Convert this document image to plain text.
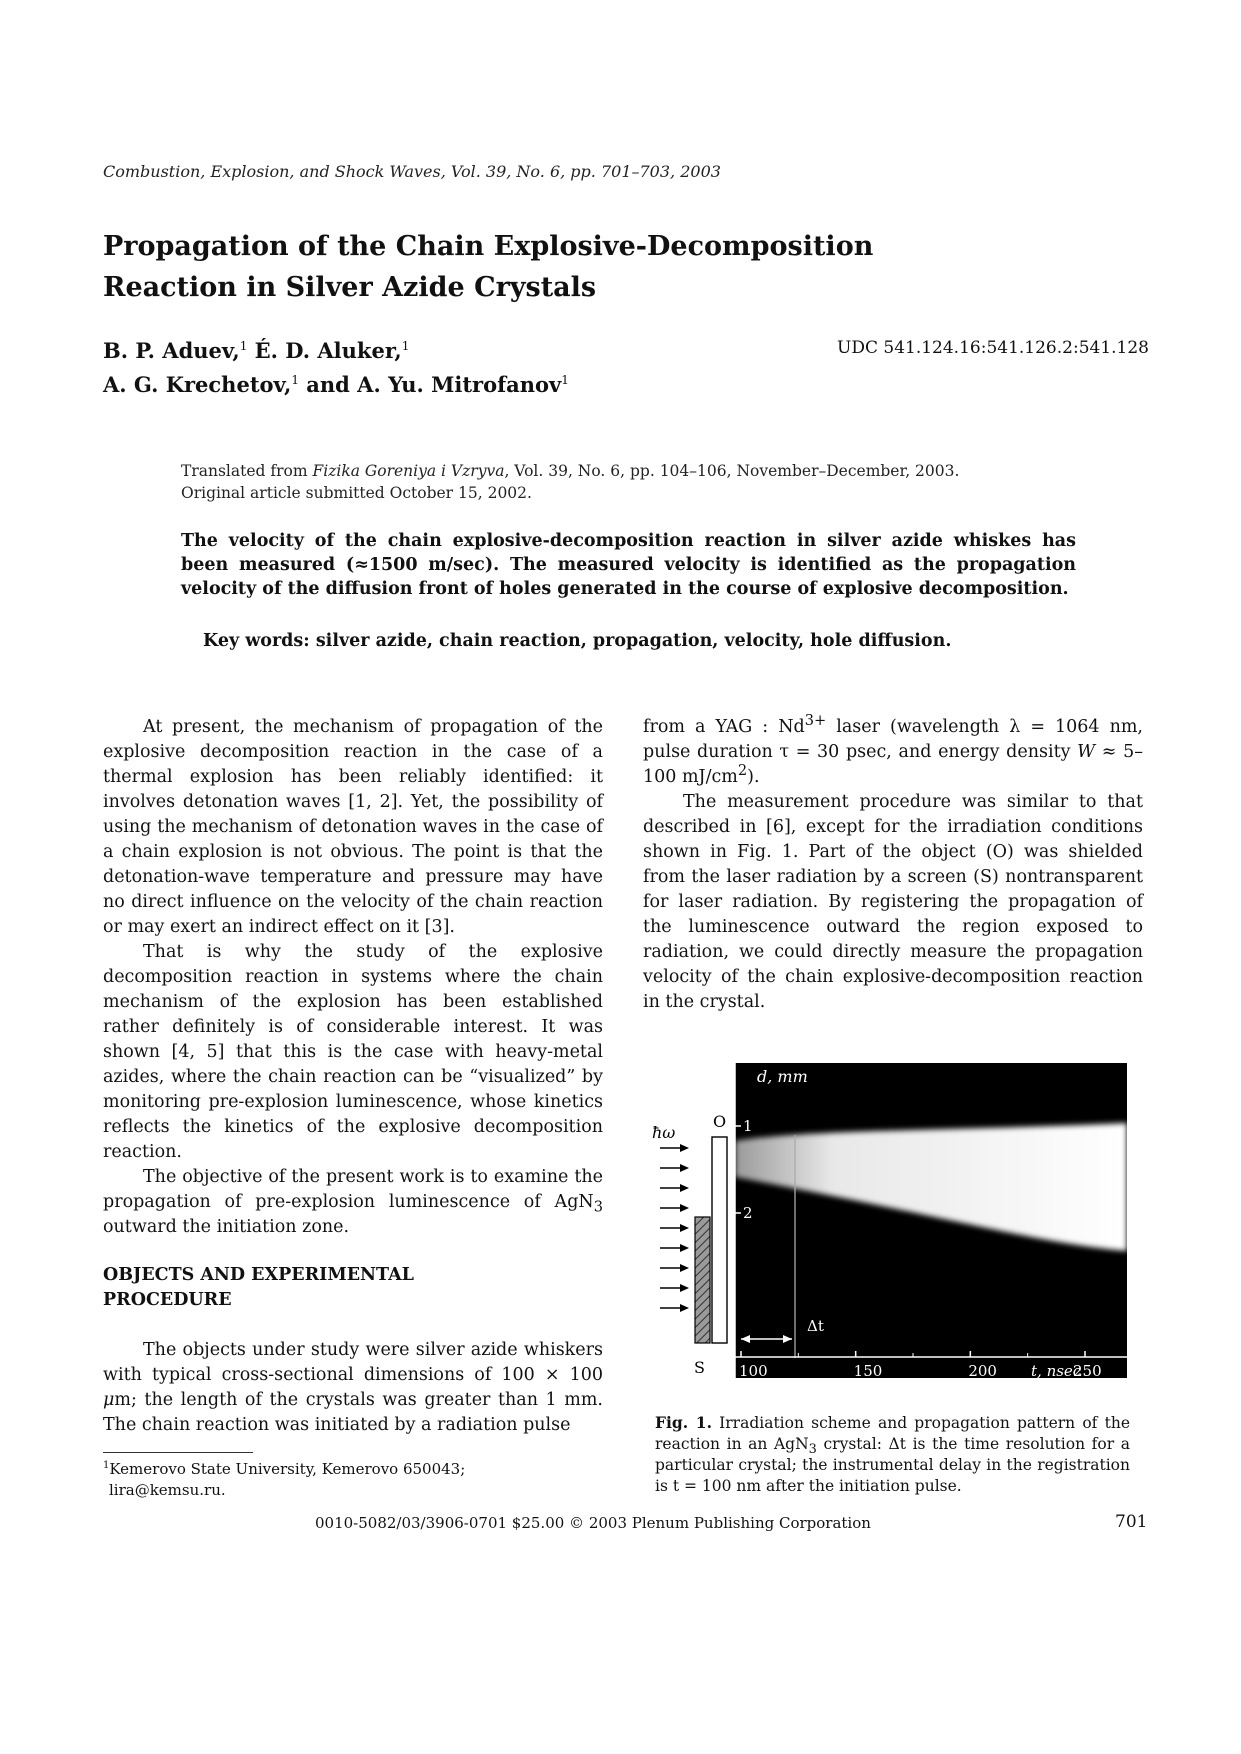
Combustion, Explosion, and Shock Waves, Vol. 39, No. 6, pp. 701–703, 2003
Propagation of the Chain Explosive-Decomposition
Reaction in Silver Azide Crystals
B. P. Aduev,$^1$ É. D. Aluker,$^1$
A. G. Krechetov,$^1$ and A. Yu. Mitrofanov$^1$
UDC 541.124.16:541.126.2:541.128
Translated from Fizika Goreniya i Vzryva, Vol. 39, No. 6, pp. 104–106, November–December, 2003.
Original article submitted October 15, 2002.
The velocity of the chain explosive-decomposition reaction in silver azide whiskes has been measured (≈1500 m/sec). The measured velocity is identified as the propagation velocity of the diffusion front of holes generated in the course of explosive decomposition.
Key words: silver azide, chain reaction, propagation, velocity, hole diffusion.

At present, the mechanism of propagation of the explosive decomposition reaction in the case of a thermal explosion has been reliably identified: it involves detonation waves [1, 2]. Yet, the possibility of using the mechanism of detonation waves in the case of a chain explosion is not obvious. The point is that the detonation-wave temperature and pressure may have no direct influence on the velocity of the chain reaction or may exert an indirect effect on it [3].

That is why the study of the explosive decomposition reaction in systems where the chain mechanism of the explosion has been established rather definitely is of considerable interest. It was shown [4, 5] that this is the case with heavy-metal azides, where the chain reaction can be “visualized” by monitoring pre-explosion luminescence, whose kinetics reflects the kinetics of the explosive decomposition reaction.

The objective of the present work is to examine the propagation of pre-explosion luminescence of AgN$_3$ outward the initiation zone.

OBJECTS AND EXPERIMENTAL
PROCEDURE

The objects under study were silver azide whiskers with typical cross-sectional dimensions of 100 × 100 μm; the length of the crystals was greater than 1 mm. The chain reaction was initiated by a radiation pulse

from a YAG : $Nd^{3+}$ laser (wavelength λ = 1064 nm, pulse duration τ = 30 psec, and energy density W ≈ 5–100 $mJ/cm^2$).

The measurement procedure was similar to that described in [6], except for the irradiation conditions shown in Fig. 1. Part of the object (O) was shielded from the laser radiation by a screen (S) nontransparent for laser radiation. By registering the propagation of the luminescence outward the region exposed to radiation, we could directly measure the propagation velocity of the chain explosive-decomposition reaction in the crystal.

ħω
S
O
100	150	200	250
1
2
Δt
d, mm
t, nsec
Fig. 1. Irradiation scheme and propagation pattern of the reaction in an AgN$_3$ crystal: Δt is the time resolution for a particular crystal; the instrumental delay in the registration is t = 100 nm after the initiation pulse.
$^1$Kemerovo State University, Kemerovo 650043;
lira@kemsu.ru.
0010-5082/03/3906-0701 $25.00 © 2003 Plenum Publishing Corporation	701
